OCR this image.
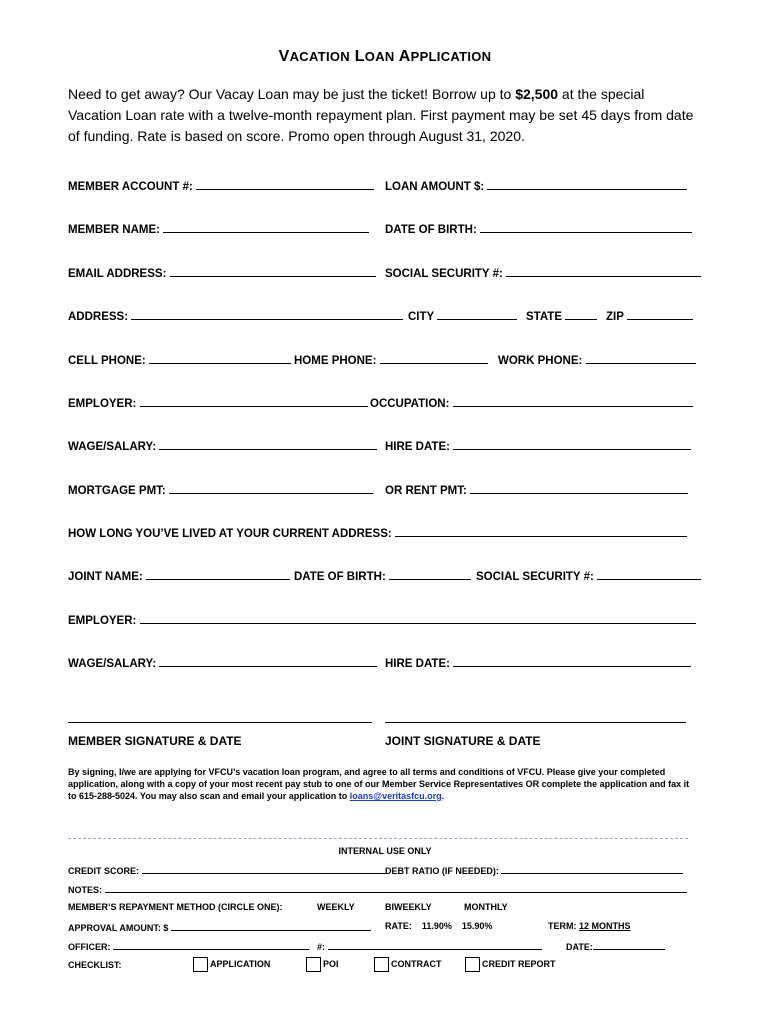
VACATION LOAN APPLICATION
Need to get away? Our Vacay Loan may be just the ticket! Borrow up to $2,500 at the special Vacation Loan rate with a twelve-month repayment plan. First payment may be set 45 days from date of funding. Rate is based on score. Promo open through August 31, 2020.
MEMBER ACCOUNT #:	LOAN AMOUNT $:
MEMBER NAME:	DATE OF BIRTH:
EMAIL ADDRESS:	SOCIAL SECURITY #:
ADDRESS:	CITY	STATE	ZIP
CELL PHONE:	HOME PHONE:	WORK PHONE:
EMPLOYER:	OCCUPATION:
WAGE/SALARY:	HIRE DATE:
MORTGAGE PMT:	OR RENT PMT:
HOW LONG YOU’VE LIVED AT YOUR CURRENT ADDRESS:
JOINT NAME:	DATE OF BIRTH:	SOCIAL SECURITY #:
EMPLOYER:
WAGE/SALARY:	HIRE DATE:
MEMBER SIGNATURE & DATE	JOINT SIGNATURE & DATE
By signing, I/we are applying for VFCU’s vacation loan program, and agree to all terms and conditions of VFCU. Please give your completed application, along with a copy of your most recent pay stub to one of our Member Service Representatives OR complete the application and fax it to 615-288-5024. You may also scan and email your application to loans@veritasfcu.org.
INTERNAL USE ONLY
CREDIT SCORE:	DEBT RATIO (IF NEEDED):
NOTES:
MEMBER’S REPAYMENT METHOD (CIRCLE ONE):	WEEKLY	BIWEEKLY	MONTHLY
APPROVAL AMOUNT: $	RATE: 11.90% 15.90%	TERM: 12 MONTHS
OFFICER:	#:	DATE:
CHECKLIST:	APPLICATION	POI	CONTRACT	CREDIT REPORT
